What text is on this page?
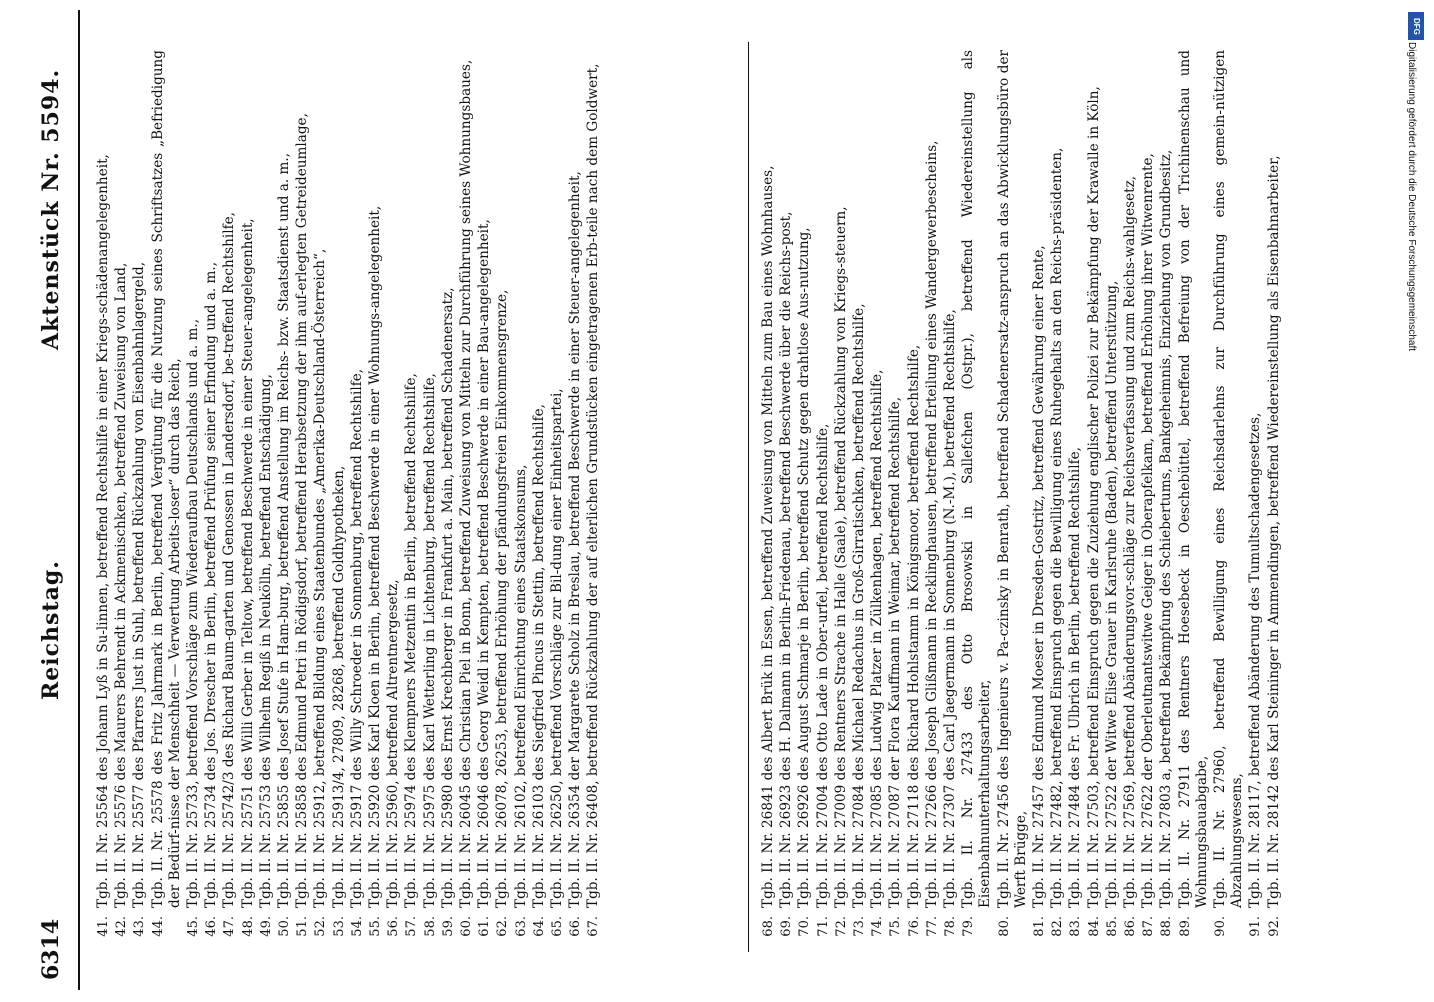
6314
Reichstag.
Aktenstück Nr. 5594.
41.
Tgb. II. Nr. 25564 des Johann Lyß in Su-linnen, betreffend Rechtshilfe in einer Kriegs-schädenangelegenheit,
42.
Tgb. II. Nr. 25576 des Maurers Behrendt in Ackmenischken, betreffend Zuweisung von Land,
43.
Tgb. II. Nr. 25577 des Pfarrers Just in Suhl, betreffend Rückzahlung von Eisenbahnlagergeld,
44.
Tgb. II. Nr. 25578 des Fritz Jahrmark in Berlin, betreffend Vergütung für die Nutzung seines Schriftsatzes „Befriedigung der Bedürf-nisse der Menschheit — Verwertung Arbeits-loser“ durch das Reich,
45.
Tgb. II. Nr. 25733, betreffend Vorschläge zum Wiederaufbau Deutschlands und a. m.,
46.
Tgb. II. Nr. 25734 des Jos. Drescher in Berlin, betreffend Prüfung seiner Erfindung und a. m.,
47.
Tgb. II. Nr. 25742/3 des Richard Baum-garten und Genossen in Landersdorf, be-treffend Rechtshilfe,
48.
Tgb. II. Nr. 25751 des Willi Gerber in Teltow, betreffend Beschwerde in einer Steuer-angelegenheit,
49.
Tgb. II. Nr. 25753 des Wilhelm Regiß in Neukölln, betreffend Entschädigung,
50.
Tgb. II. Nr. 25855 des Josef Stufe in Ham-burg, betreffend Anstellung im Reichs- bzw. Staatsdienst und a. m.,
51.
Tgb. II. Nr. 25858 des Edmund Petri in Rödigsdorf, betreffend Herabsetzung der ihm auf-erlegten Getreideumlage,
52.
Tgb. II. Nr. 25912, betreffend Bildung eines Staatenbundes „Amerika-Deutschland-Österreich“,
53.
Tgb. II. Nr. 25913/4, 27809, 28268, betreffend Goldhypotheken,
54.
Tgb. II. Nr. 25917 des Willy Schroeder in Sonnenburg, betreffend Rechtshilfe,
55.
Tgb. II. Nr. 25920 des Karl Kloen in Berlin, betreffend Beschwerde in einer Wohnungs-angelegenheit,
56.
Tgb. II. Nr. 25960, betreffend Altrentnergesetz,
57.
Tgb. II. Nr. 25974 des Klempners Metzentin in Berlin, betreffend Rechtshilfe,
58.
Tgb. II. Nr. 25975 des Karl Wetterling in Lichtenburg, betreffend Rechtshilfe,
59.
Tgb. II. Nr. 25980 des Ernst Krechberger in Frankfurt a. Main, betreffend Schadenersatz,
60.
Tgb. II. Nr. 26045 des Christian Piel in Bonn, betreffend Zuweisung von Mitteln zur Durchführung seines Wohnungsbaues,
61.
Tgb. II. Nr. 26046 des Georg Weidl in Kempten, betreffend Beschwerde in einer Bau-angelegenheit,
62.
Tgb. II. Nr. 26078, 26253, betreffend Erhöhung der pfändungsfreien Einkommensgrenze,
63.
Tgb. II. Nr. 26102, betreffend Einrichtung eines Staatskonsums,
64.
Tgb. II. Nr. 26103 des Siegfried Pincus in Stettin, betreffend Rechtshilfe,
65.
Tgb. II. Nr. 26250, betreffend Vorschläge zur Bil-dung einer Einheitspartei,
66.
Tgb. II. Nr. 26354 der Margarete Scholz in Breslau, betreffend Beschwerde in einer Steuer-angelegenheit,
67.
Tgb. II. Nr. 26408, betreffend Rückzahlung der auf elterlichen Grundstücken eingetragenen Erb-teile nach dem Goldwert,
68.
Tgb. II. Nr. 26841 des Albert Brük in Essen, betreffend Zuweisung von Mitteln zum Bau eines Wohnhauses,
69.
Tgb. II. Nr. 26923 des H. Dalmann in Berlin-Friedenau, betreffend Beschwerde über die Reichs-post,
70.
Tgb. II. Nr. 26926 des August Schmarje in Berlin, betreffend Schutz gegen drahtlose Aus-nutzung,
71.
Tgb. II. Nr. 27004 des Otto Lade in Ober-urfel, betreffend Rechtshilfe,
72.
Tgb. II. Nr. 27009 des Rentners Strache in Halle (Saale), betreffend Rückzahlung von Kriegs-steuern,
73.
Tgb. II. Nr. 27084 des Michael Redachus in Groß-Girratischken, betreffend Rechtshilfe,
74.
Tgb. II. Nr. 27085 des Ludwig Platzer in Zülkenhagen, betreffend Rechtshilfe,
75.
Tgb. II. Nr. 27087 der Flora Kauffmann in Weimar, betreffend Rechtshilfe,
76.
Tgb. II. Nr. 27118 des Richard Hohlstamm in Königsmoor, betreffend Rechtshilfe,
77.
Tgb. II. Nr. 27266 des Joseph Glißmann in Recklinghausen, betreffend Erteilung eines Wandergewerbescheins,
78.
Tgb. II. Nr. 27307 des Carl Jaegermann in Sonnenburg (N.-M.), betreffend Rechtshilfe,
79.
Tgb. II. Nr. 27433 des Otto Brosowski in Sallefchen (Ostpr.), betreffend Wiedereinstellung als Eisenbahnunterhaltungsarbeiter,
80.
Tgb. II. Nr. 27456 des Ingenieurs v. Pa-czinsky in Benrath, betreffend Schadenersatz-anspruch an das Abwicklungsbüro der Werft Brügge,
81.
Tgb. II. Nr. 27457 des Edmund Moeser in Dresden-Gostritz, betreffend Gewährung einer Rente,
82.
Tgb. II. Nr. 27482, betreffend Einspruch gegen die Bewilligung eines Ruhegehalts an den Reichs-präsidenten,
83.
Tgb. II. Nr. 27484 des Fr. Ulbrich in Berlin, betreffend Rechtshilfe,
84.
Tgb. II. Nr. 27503, betreffend Einspruch gegen die Zuziehung englischer Polizei zur Bekämpfung der Krawalle in Köln,
85.
Tgb. II. Nr. 27522 der Witwe Elise Grauer in Karlsruhe (Baden), betreffend Unterstützung,
86.
Tgb. II. Nr. 27569, betreffend Abänderungsvor-schläge zur Reichsverfassung und zum Reichs-wahlgesetz,
87.
Tgb. II. Nr. 27622 der Oberleutnantswitwe Geiger in Oberapfelkam, betreffend Erhöhung ihrer Witwenrente,
88.
Tgb. II. Nr. 27803 a, betreffend Bekämpfung des Schiebertums, Bankgeheimnis, Einziehung von Grundbesitz,
89.
Tgb. II. Nr. 27911 des Rentners Hoesebeck in Oeschebüttel, betreffend Befreiung von der Trichinenschau und Wohnungsbauabgabe,
90.
Tgb. II. Nr. 27960, betreffend Bewilligung eines Reichsdarlehns zur Durchführung eines gemein-nützigen Abzahlungswesens,
91.
Tgb. II. Nr. 28117, betreffend Abänderung des Tumultschadengesetzes,
92.
Tgb. II. Nr. 28142 des Karl Steininger in Ammendingen, betreffend Wiedereinstellung als Eisenbahnarbeiter,
DFG
Digitalisierung gefördert durch die Deutsche Forschungsgemeinschaft
